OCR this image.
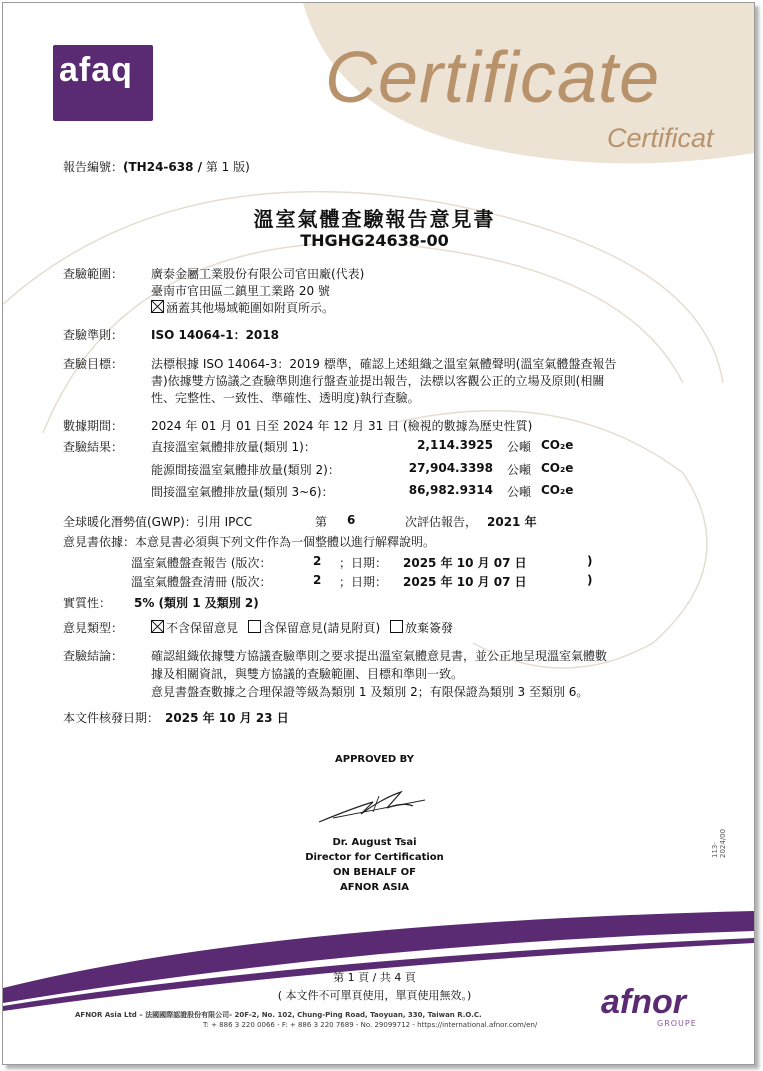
afaq	Certificate
Certificat
報告編號：(TH24-638 / 第 1 版)
溫室氣體查驗報告意見書
THGHG24638-00
查驗範圍： 廣泰金屬工業股份有限公司官田廠(代表)
臺南市官田區二鎮里工業路 20 號
涵蓋其他場域範圍如附頁所示。
查驗準則： ISO 14064-1：2018
查驗目標： 法標根據 ISO 14064-3：2019 標準，確認上述組織之溫室氣體聲明(溫室氣體盤查報告
書)依據雙方協議之查驗準則進行盤查並提出報告，法標以客觀公正的立場及原則(相關
性、完整性、一致性、準確性、透明度)執行查驗。
數據期間： 2024 年 01 月 01 日至 2024 年 12 月 31 日 (檢視的數據為歷史性質)
查驗結果： 直接溫室氣體排放量(類別 1)：	2,114.3925 公噸 CO₂e
能源間接溫室氣體排放量(類別 2)：	27,904.3398 公噸 CO₂e
間接溫室氣體排放量(類別 3~6)：	86,982.9314 公噸 CO₂e
全球暖化潛勢值(GWP)：引用 IPCC	第 6	次評估報告， 2021 年
意見書依據：本意見書必須與下列文件作為一個整體以進行解釋說明。
溫室氣體盤查報告 (版次：	2 ；日期： 2025 年 10 月 07 日	)
溫室氣體盤查清冊 (版次：	2 ；日期： 2025 年 10 月 07 日	)
實質性： 5% (類別 1 及類別 2)
意見類型：	不含保留意見 含保留意見(請見附頁) 放棄簽發
查驗結論： 確認組織依據雙方協議查驗準則之要求提出溫室氣體意見書，並公正地呈現溫室氣體數
據及相關資訊，與雙方協議的查驗範圍、目標和準則一致。
意見書盤查數據之合理保證等級為類別 1 及類別 2；有限保證為類別 3 至類別 6。
本文件核發日期： 2025 年 10 月 23 日
APPROVED BY
Dr. August Tsai
Director for Certification
ON BEHALF OF
AFNOR ASIA
113-2024/00
第 1 頁 / 共 4 頁
( 本文件不可單頁使用，單頁使用無效。)
AFNOR Asia Ltd – 法國國際認證股份有限公司- 20F-2, No. 102, Chung-Ping Road, Taoyuan, 330, Taiwan R.O.C.
T: + 886 3 220 0066 - F: + 886 3 220 7689 - No. 29099712 - https://international.afnor.com/en/
afnor
GROUPE
